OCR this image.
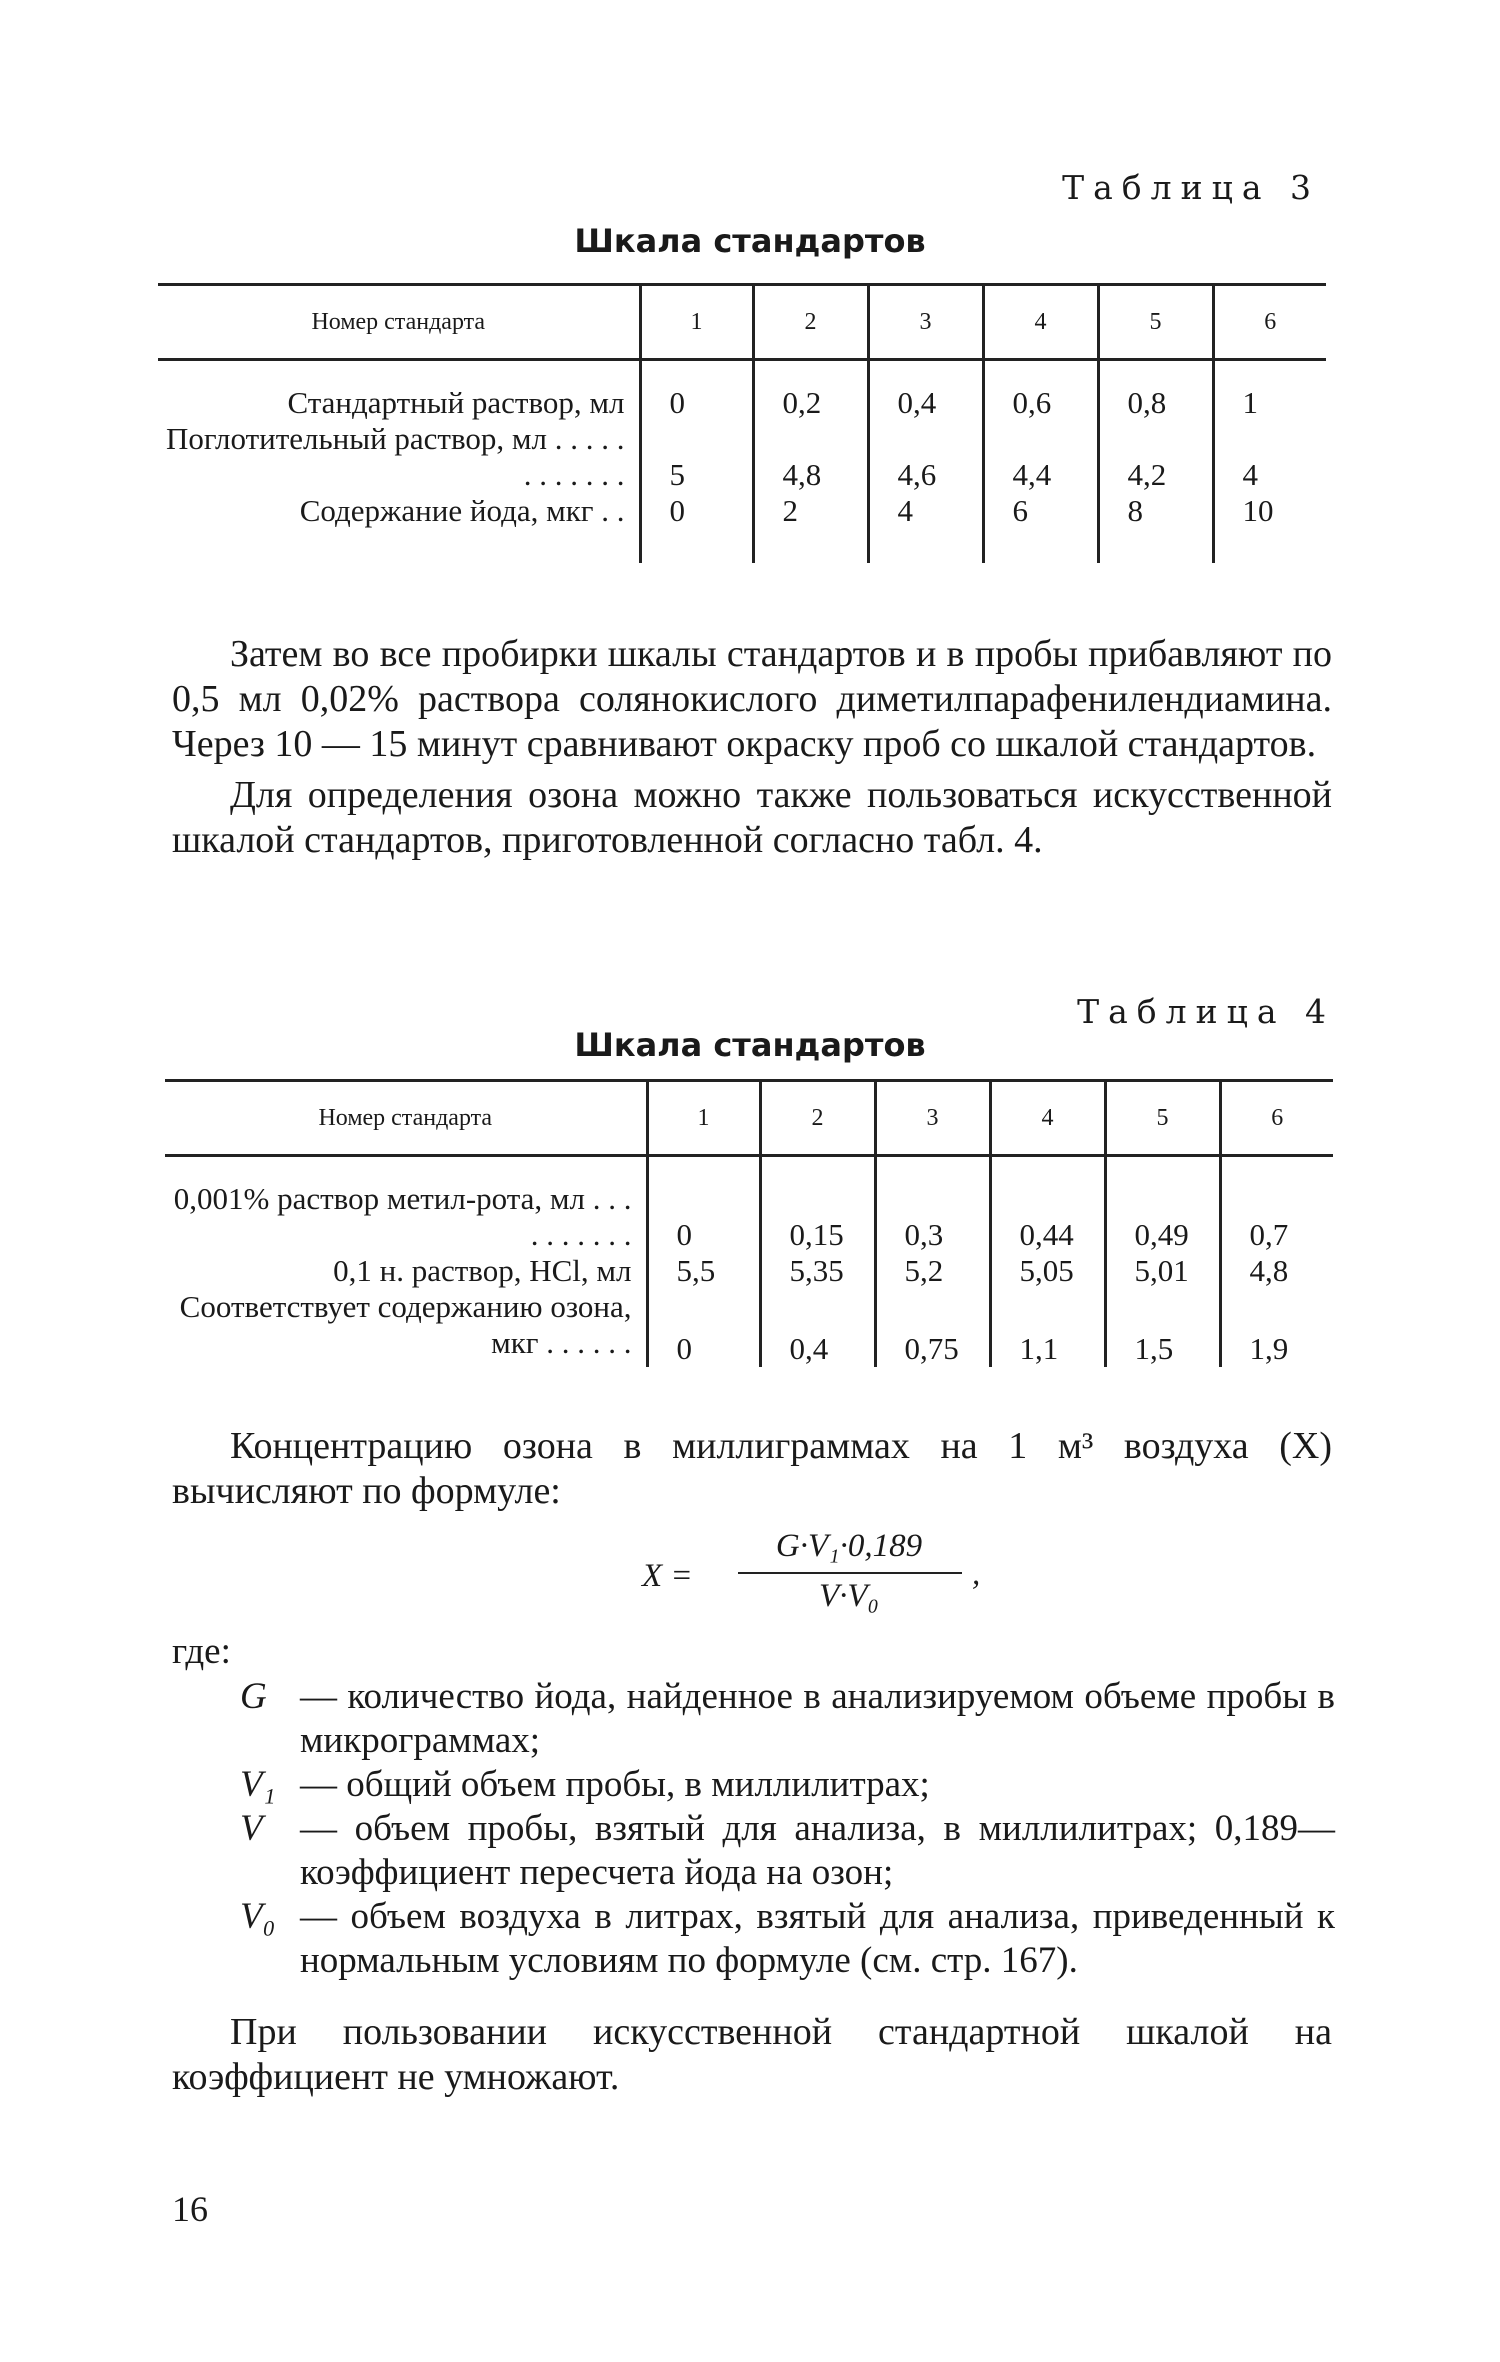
Таблица 3
Шкала стандартов
Номер стандарта	1	2	3	4	5	6
Стандартный раствор, мл	0	0,2	0,4	0,6	0,8	1
Поглотительный раствор, мл . . . . . . . . . . . .	5	4,8	4,6	4,4	4,2	4
Содержание йода, мкг . .	0	2	4	6	8	10

Затем во все пробирки шкалы стандартов и в пробы прибавляют по 0,5 мл 0,02% раствора солянокислого диметилпарафенилендиамина. Через 10 — 15 минут сравнивают окраску проб со шкалой стандартов.

Для определения озона можно также пользоваться искусственной шкалой стандартов, приготовленной согласно табл. 4.

Таблица 4
Шкала стандартов
Номер стандарта	1	2	3	4	5	6
0,001% раствор метил-рота, мл . . . . . . . . . .	0	0,15	0,3	0,44	0,49	0,7
0,1 н. раствор, HCl, мл	5,5	5,35	5,2	5,05	5,01	4,8
Соответствует содержанию озона, мкг . . . . . .	0	0,4	0,75	1,1	1,5	1,9

Концентрацию озона в миллиграммах на 1 м³ воздуха (X) вычисляют по формуле:

X =
G·V₁·0,189
V·V₀
,
где:
G — количество йода, найденное в анализируемом объеме пробы в микрограммах;
V₁ — общий объем пробы, в миллилитрах;
V	— объем пробы, взятый для анализа, в миллилитрах; 0,189—коэффициент пересчета йода на озон;
V₀ — объем воздуха в литрах, взятый для анализа, приведенный к нормальным условиям по формуле (см. стр. 167).

При пользовании искусственной стандартной шкалой на коэффициент не умножают.

16
